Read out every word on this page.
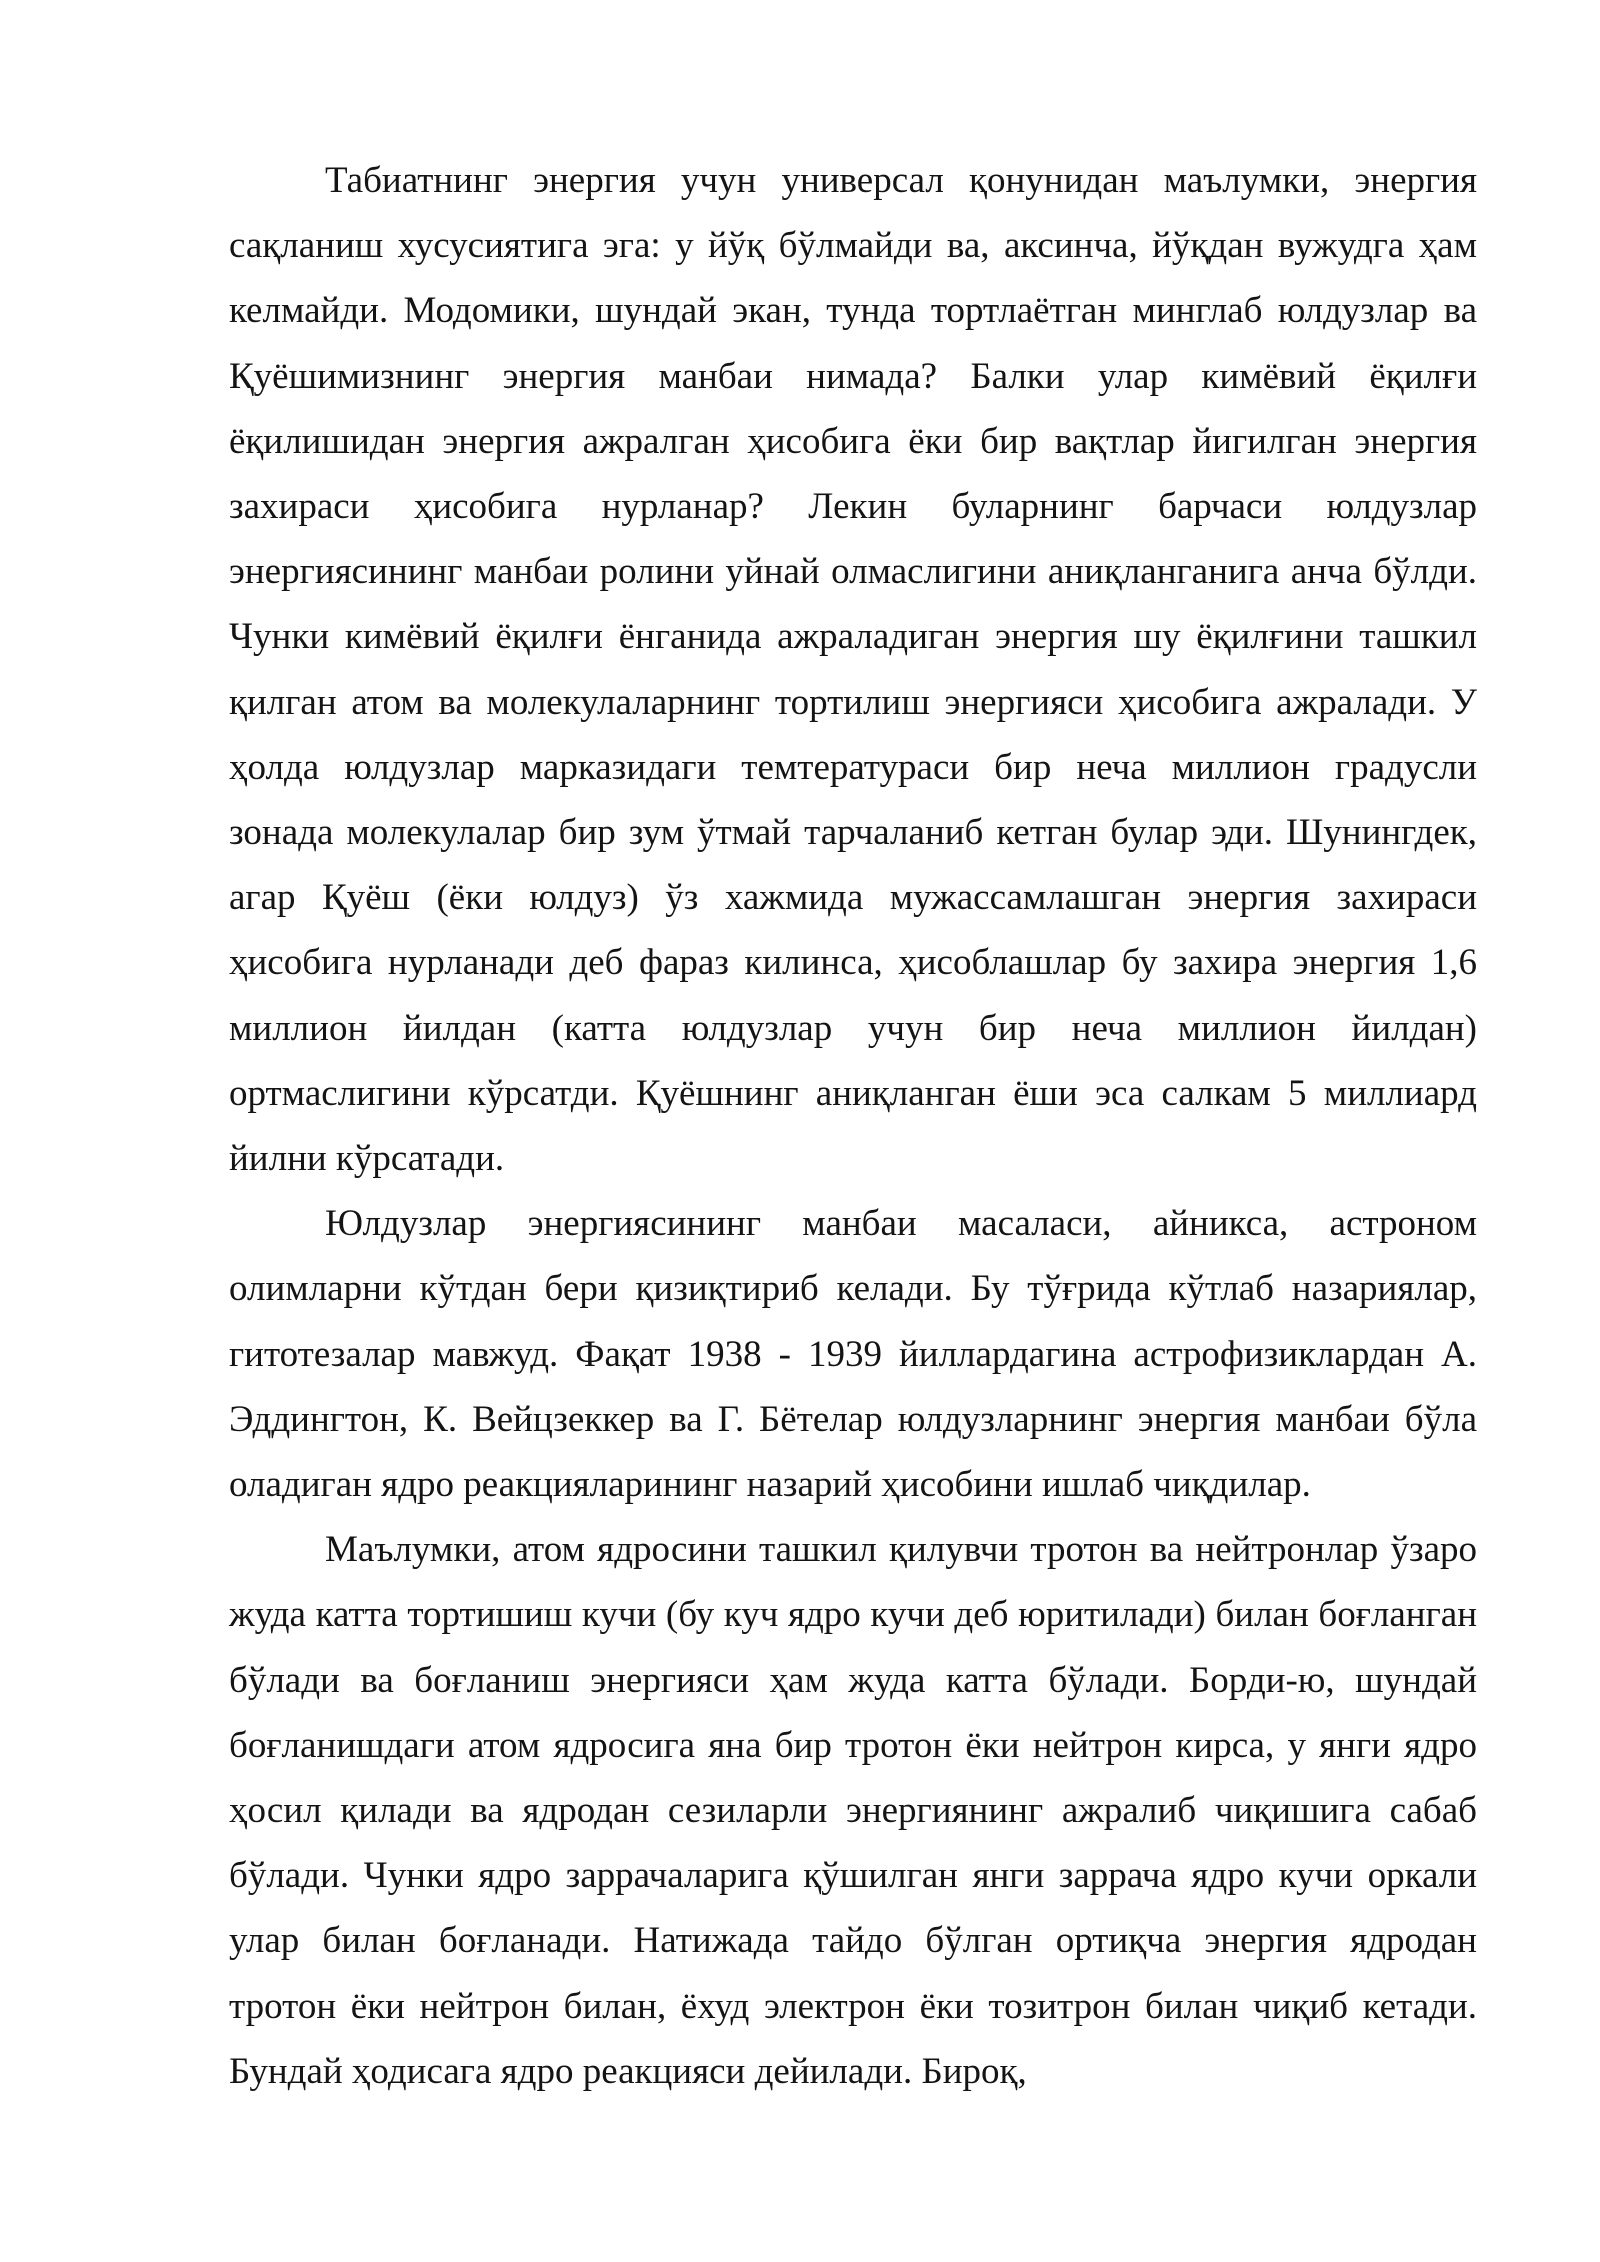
Табиатнинг энергия учун универсал қонунидан маълумки, энергия сақланиш хусусиятига эга: у йўқ бўлмайди ва, аксинча, йўқдан вужудга ҳам келмайди. Модомики, шундай экан, тунда тортлаётган минглаб юлдузлар ва Қуёшимизнинг энергия манбаи нимада? Балки улар кимёвий ёқилғи ёқилишидан энергия ажралган ҳисобига ёки бир вақтлар йигилган энергия захираси ҳисобига нурланар? Лекин буларнинг барчаси юлдузлар энергиясининг манбаи ролини уйнай олмаслигини аниқланганига анча бўлди. Чунки кимёвий ёқилғи ёнганида ажраладиган энергия шу ёқилғини ташкил қилган атом ва молекулаларнинг тортилиш энергияси ҳисобига ажралади. У ҳолда юлдузлар марказидаги темтератураси бир неча миллион градусли зонада молекулалар бир зум ўтмай тарчаланиб кетган булар эди. Шунингдек, агар Қуёш (ёки юлдуз) ўз хажмида мужассамлашган энергия захираси ҳисобига нурланади деб фараз килинса, ҳисоблашлар бу захира энергия 1,6 миллион йилдан (катта юлдузлар учун бир неча миллион йилдан) ортмаслигини кўрсатди. Қуёшнинг аниқланган ёши эса салкам 5 миллиард йилни кўрсатади.

Юлдузлар энергиясининг манбаи масаласи, айникса, астроном олимларни кўтдан бери қизиқтириб келади. Бу тўғрида кўтлаб назариялар, гитотезалар мавжуд. Фақат 1938 - 1939 йиллардагина астрофизиклардан А. Эддингтон, К. Вейцзеккер ва Г. Бётелар юлдузларнинг энергия манбаи бўла оладиган ядро реакцияларининг назарий ҳисобини ишлаб чиқдилар.

Маълумки, атом ядросини ташкил қилувчи тротон ва нейтронлар ўзаро жуда катта тортишиш кучи (бу куч ядро кучи деб юритилади) билан боғланган бўлади ва боғланиш энергияси ҳам жуда катта бўлади. Борди-ю, шундай боғланишдаги атом ядросига яна бир тротон ёки нейтрон кирса, у янги ядро ҳосил қилади ва ядродан сезиларли энергиянинг ажралиб чиқишига сабаб бўлади. Чунки ядро заррачаларига қўшилган янги заррача ядро кучи оркали улар билан боғланади. Натижада тайдо бўлган ортиқча энергия ядродан тротон ёки нейтрон билан, ёхуд электрон ёки тозитрон билан чиқиб кетади. Бундай ҳодисага ядро реакцияси дейилади. Бироқ,
